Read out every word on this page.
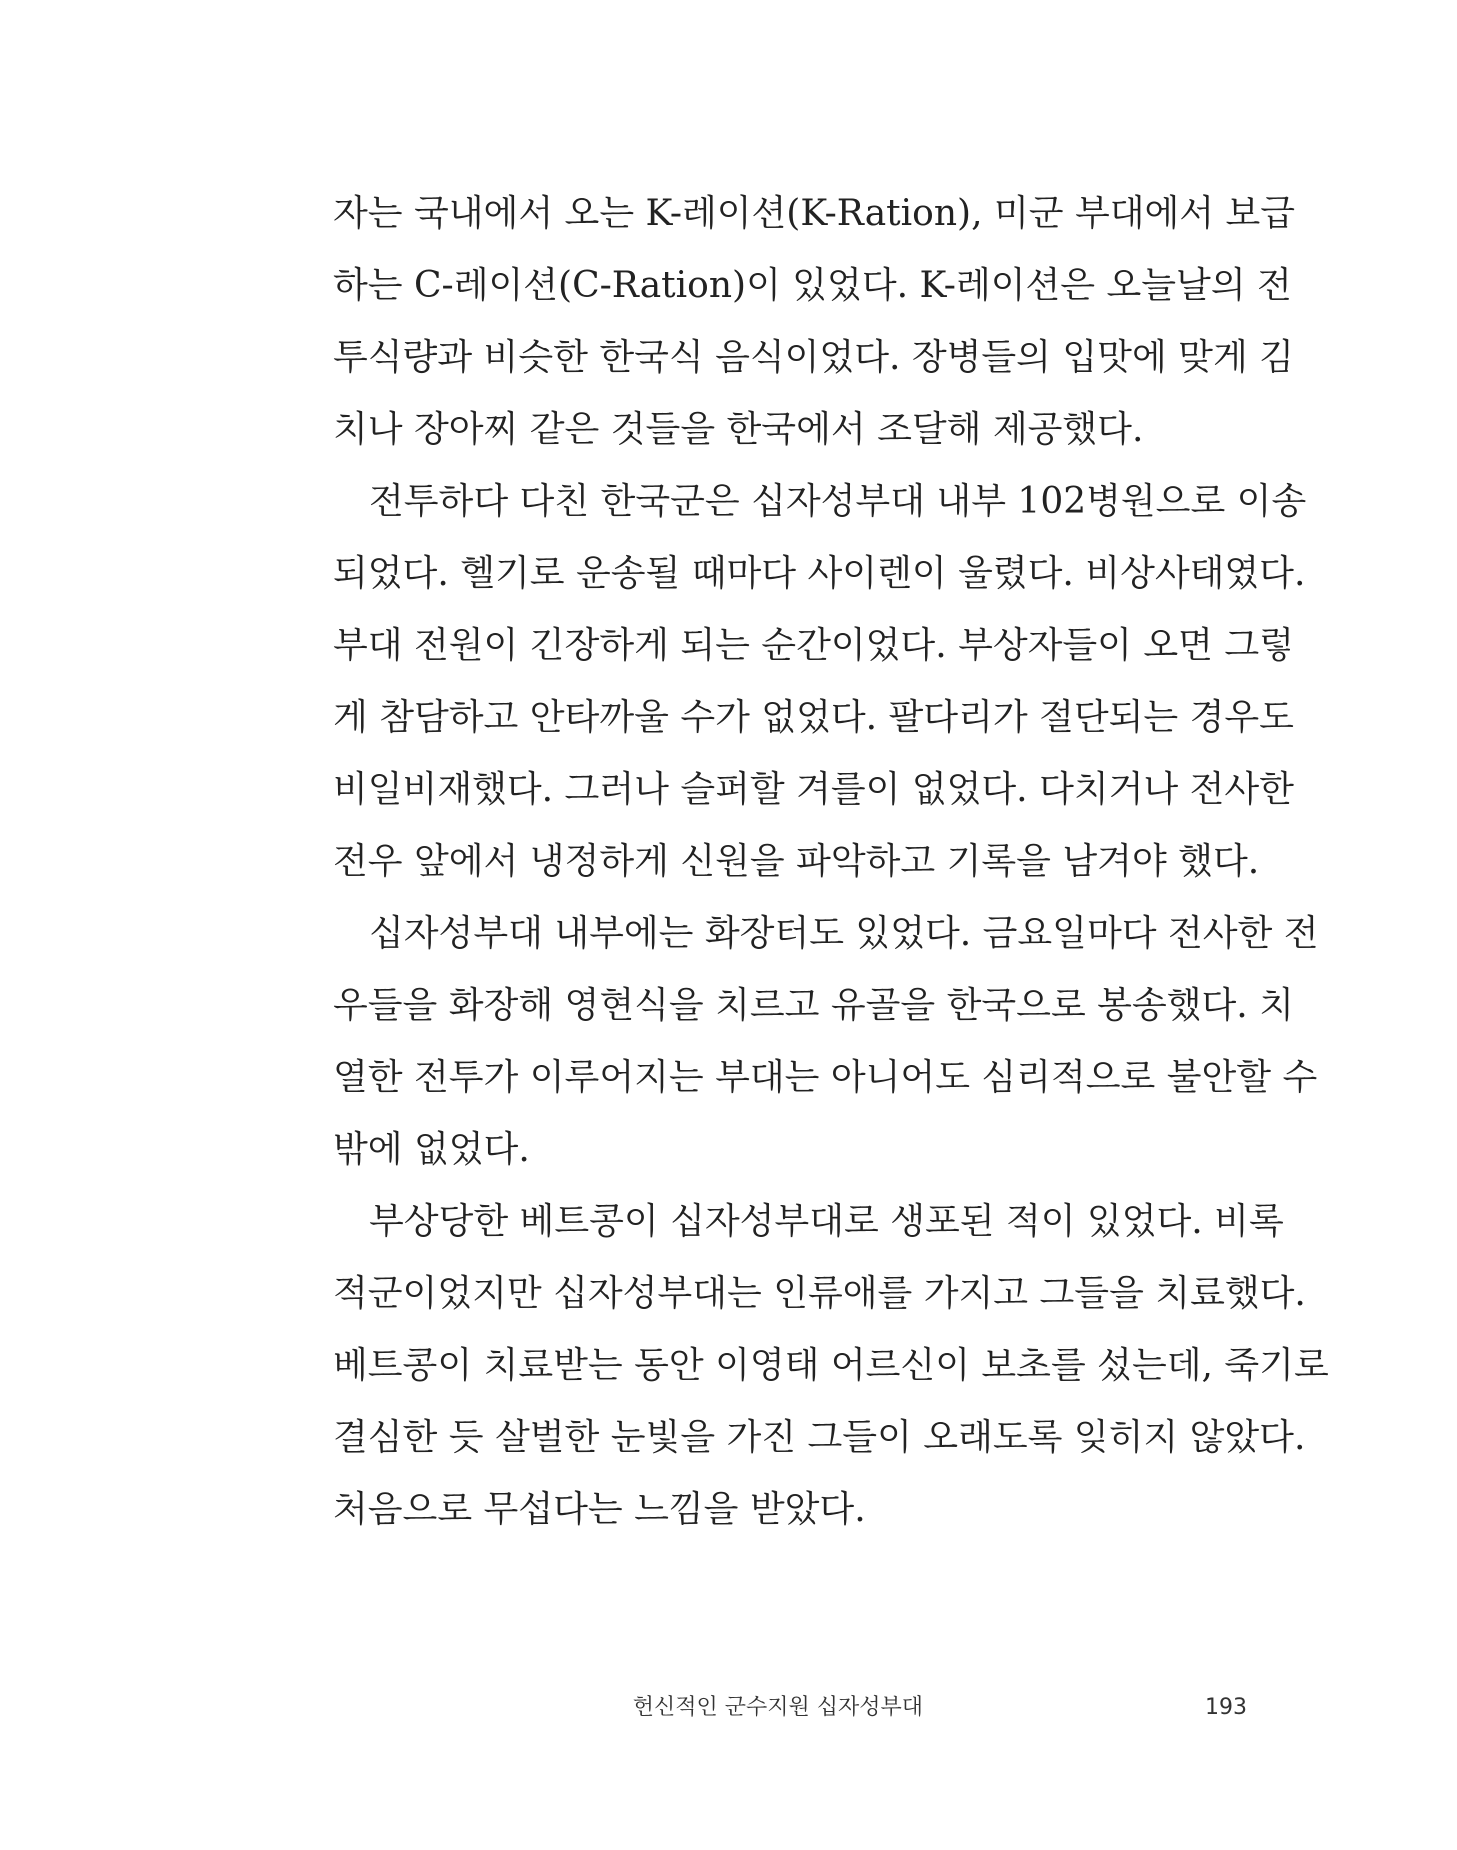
자는 국내에서 오는 K-레이션(K-Ration), 미군 부대에서 보급
하는 C-레이션(C-Ration)이 있었다. K-레이션은 오늘날의 전
투식량과 비슷한 한국식 음식이었다. 장병들의 입맛에 맞게 김
치나 장아찌 같은 것들을 한국에서 조달해 제공했다.

전투하다 다친 한국군은 십자성부대 내부 102병원으로 이송
되었다. 헬기로 운송될 때마다 사이렌이 울렸다. 비상사태였다.
부대 전원이 긴장하게 되는 순간이었다. 부상자들이 오면 그렇
게 참담하고 안타까울 수가 없었다. 팔다리가 절단되는 경우도
비일비재했다. 그러나 슬퍼할 겨를이 없었다. 다치거나 전사한
전우 앞에서 냉정하게 신원을 파악하고 기록을 남겨야 했다.

십자성부대 내부에는 화장터도 있었다. 금요일마다 전사한 전
우들을 화장해 영현식을 치르고 유골을 한국으로 봉송했다. 치
열한 전투가 이루어지는 부대는 아니어도 심리적으로 불안할 수
밖에 없었다.

부상당한 베트콩이 십자성부대로 생포된 적이 있었다. 비록
적군이었지만 십자성부대는 인류애를 가지고 그들을 치료했다.
베트콩이 치료받는 동안 이영태 어르신이 보초를 섰는데, 죽기로
결심한 듯 살벌한 눈빛을 가진 그들이 오래도록 잊히지 않았다.
처음으로 무섭다는 느낌을 받았다.

헌신적인 군수지원 십자성부대	193
